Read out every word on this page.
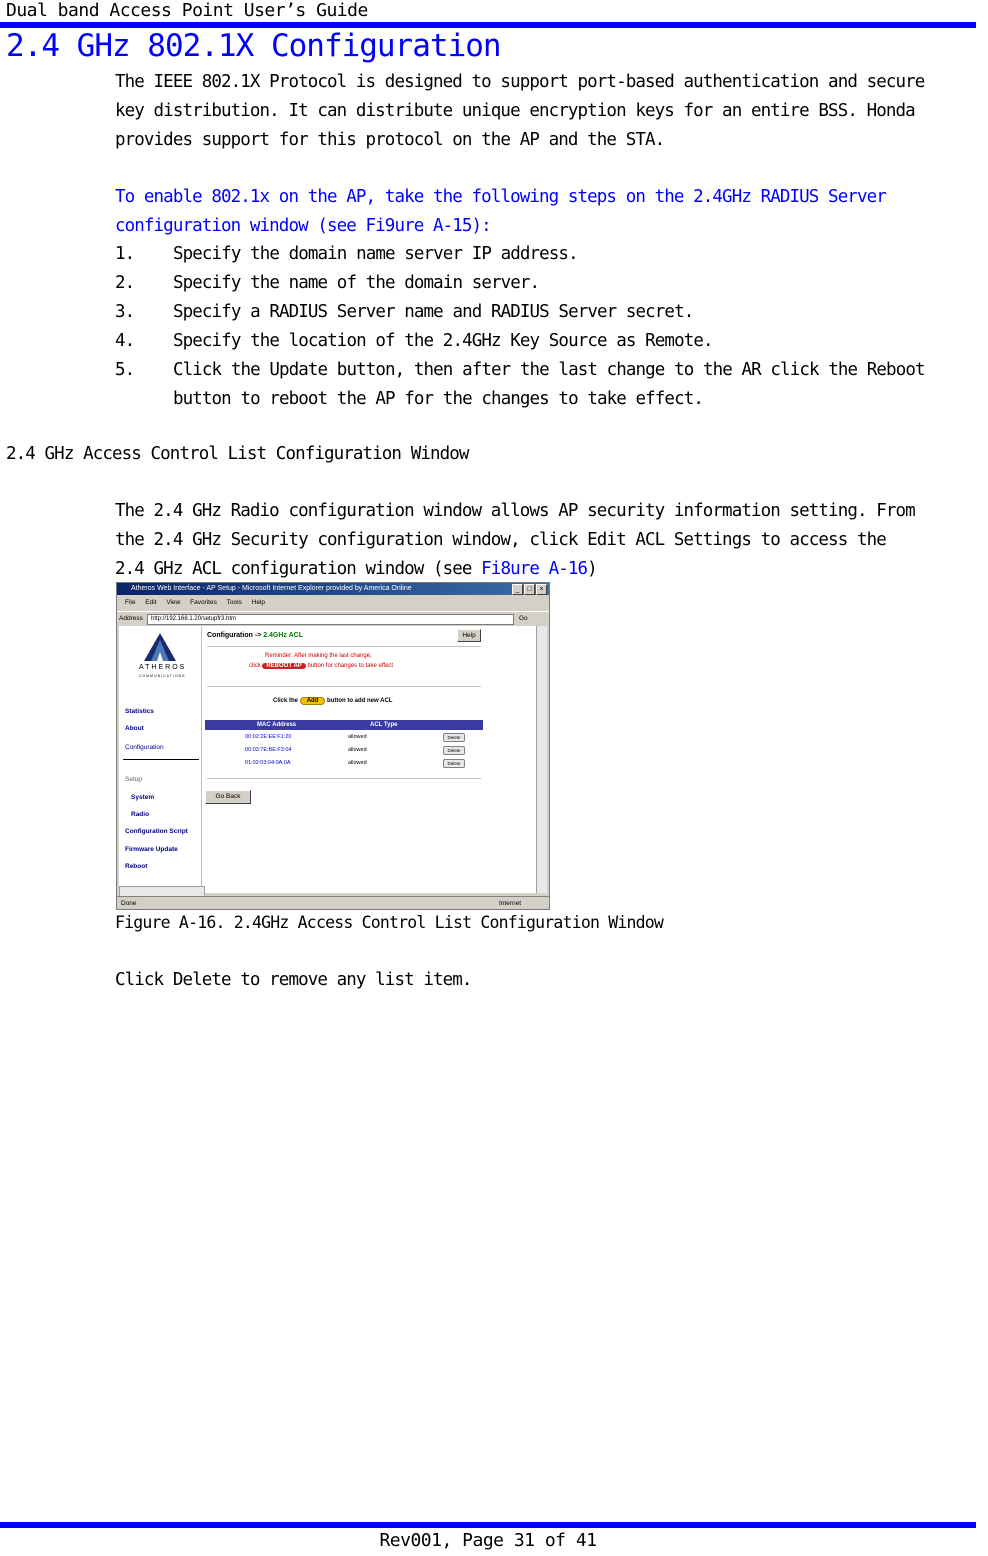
Dual band Access Point User’s Guide
2.4 GHz 802.1X Configuration
The IEEE 802.1X Protocol is designed to support port-based authentication and secure
key distribution. It can distribute unique encryption keys for an entire BSS. Honda
provides support for this protocol on the AP and the STA.
To enable 802.1x on the AP, take the following steps on the 2.4GHz RADIUS Server
configuration window (see Fi9ure A-15):
1. Specify the domain name server IP address.
2. Specify the name of the domain server.
3. Specify a RADIUS Server name and RADIUS Server secret.
4. Specify the location of the 2.4GHz Key Source as Remote.
5. Click the Update button, then after the last change to the AR click the Reboot
button to reboot the AP for the changes to take effect.
2.4 GHz Access Control List Configuration Window
The 2.4 GHz Radio configuration window allows AP security information setting. From
the 2.4 GHz Security configuration window, click Edit ACL Settings to access the
2.4 GHz ACL configuration window (see Fi8ure A-16)
Atheros Web Interface - AP Setup - Microsoft Internet Explorer provided by America Online	_ □ ×
File Edit View Favorites Tools Help
Address	http://192.168.1.20/setupfr3.htm	Go
ATHEROS
COMMUNICATIONS
Statistics
About
Configuration
Setup
System
Radio
Configuration Script
Firmware Update
Reboot
Configuration -> 2.4GHz ACL	Help
Reminder: After making the last change,
click REBOOT AP button for changes to take effect
Click the Add button to add new ACL
MAC Address	ACL Type
00:02:2E:EE:F1:20	allowed	Delete
00:03:7E:BE:F3:04	allowed	Delete
01:02:03:04:0A:0A	allowed	Delete
Go Back
Done	Internet
Figure A-16. 2.4GHz Access Control List Configuration Window
Click Delete to remove any list item.
Rev001, Page 31 of 41
